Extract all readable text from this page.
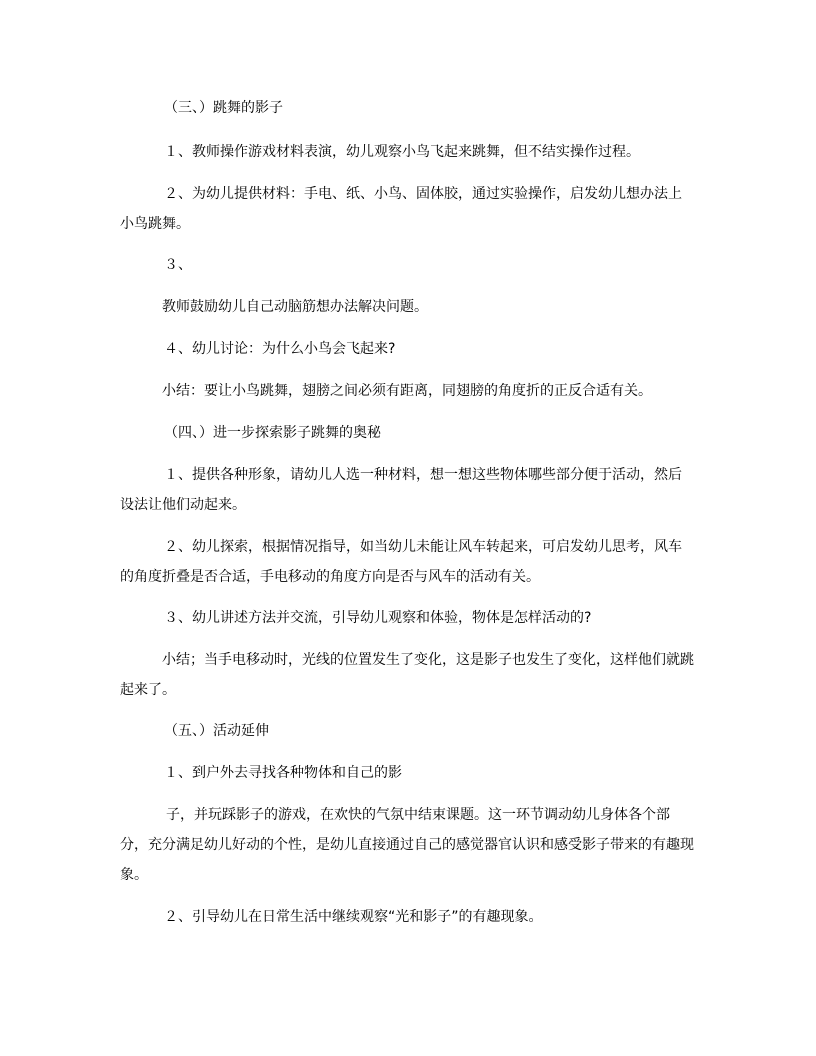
（三、）跳舞的影子
１、教师操作游戏材料表演，幼儿观察小鸟飞起来跳舞，但不结实操作过程。
２、为幼儿提供材料：手电、纸、小鸟、固体胶，通过实验操作，启发幼儿想办法上小鸟跳舞。
３、
教师鼓励幼儿自己动脑筋想办法解决问题。
４、幼儿讨论：为什么小鸟会飞起来?
小结：要让小鸟跳舞，翅膀之间必须有距离，同翅膀的角度折的正反合适有关。
（四、）进一步探索影子跳舞的奥秘
１、提供各种形象，请幼儿人选一种材料，想一想这些物体哪些部分便于活动，然后设法让他们动起来。
２、幼儿探索，根据情况指导，如当幼儿未能让风车转起来，可启发幼儿思考，风车的角度折叠是否合适，手电移动的角度方向是否与风车的活动有关。
３、幼儿讲述方法并交流，引导幼儿观察和体验，物体是怎样活动的?
小结；当手电移动时，光线的位置发生了变化，这是影子也发生了变化，这样他们就跳起来了。
（五、）活动延伸
１、到户外去寻找各种物体和自己的影
子，并玩踩影子的游戏，在欢快的气氛中结束课题。这一环节调动幼儿身体各个部分，充分满足幼儿好动的个性，是幼儿直接通过自己的感觉器官认识和感受影子带来的有趣现象。
２、引导幼儿在日常生活中继续观察“光和影子”的有趣现象。
